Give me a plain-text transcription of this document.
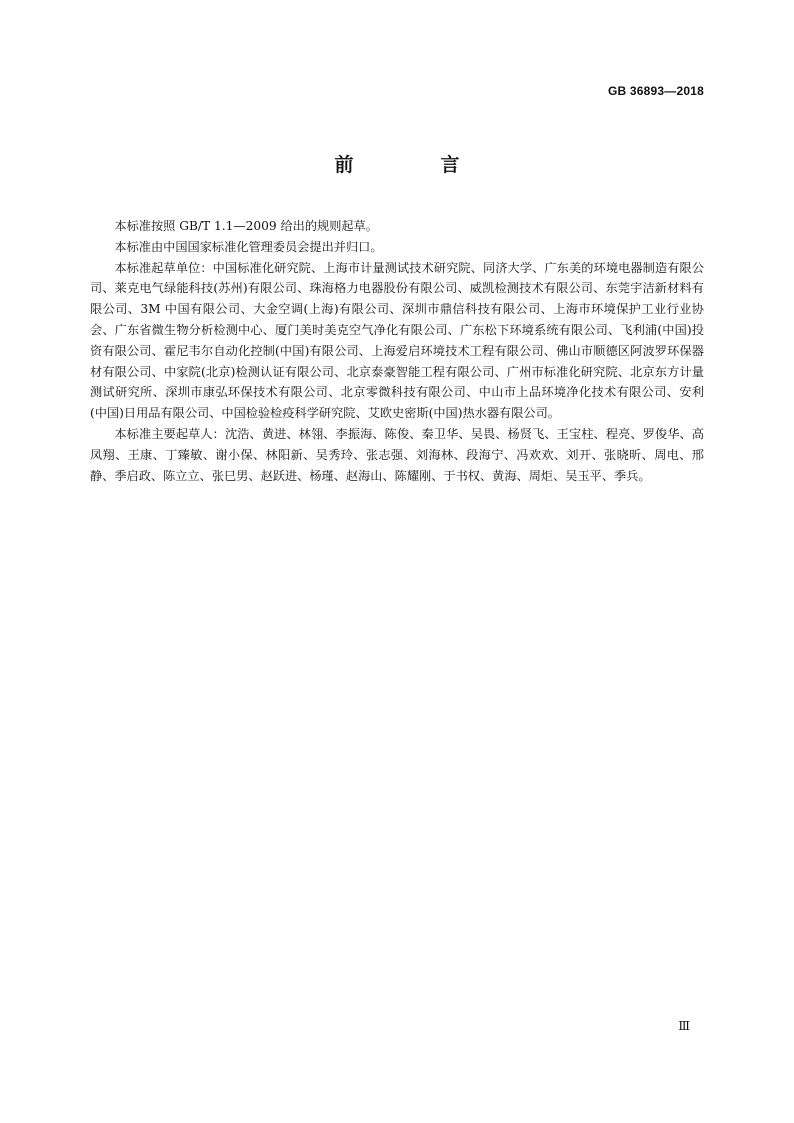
GB 36893—2018
前　言

本标准按照 GB/T 1.1—2009 给出的规则起草。

本标准由中国国家标准化管理委员会提出并归口。

本标准起草单位：中国标准化研究院、上海市计量测试技术研究院、同济大学、广东美的环境电器制造有限公司、莱克电气绿能科技(苏州)有限公司、珠海格力电器股份有限公司、威凯检测技术有限公司、东莞宇洁新材料有限公司、3M 中国有限公司、大金空调(上海)有限公司、深圳市鼎信科技有限公司、上海市环境保护工业行业协会、广东省微生物分析检测中心、厦门美时美克空气净化有限公司、广东松下环境系统有限公司、飞利浦(中国)投资有限公司、霍尼韦尔自动化控制(中国)有限公司、上海爱启环境技术工程有限公司、佛山市顺德区阿波罗环保器材有限公司、中家院(北京)检测认证有限公司、北京泰豪智能工程有限公司、广州市标准化研究院、北京东方计量测试研究所、深圳市康弘环保技术有限公司、北京零微科技有限公司、中山市上品环境净化技术有限公司、安利(中国)日用品有限公司、中国检验检疫科学研究院、艾欧史密斯(中国)热水器有限公司。

本标准主要起草人：沈浩、黄进、林翎、李振海、陈俊、秦卫华、吴畏、杨贤飞、王宝柱、程亮、罗俊华、高凤翔、王康、丁臻敏、谢小保、林阳新、吴秀玲、张志强、刘海林、段海宁、冯欢欢、刘开、张晓昕、周电、邢静、季启政、陈立立、张巳男、赵跃进、杨瑾、赵海山、陈耀刚、于书权、黄海、周炬、吴玉平、季兵。

Ⅲ
